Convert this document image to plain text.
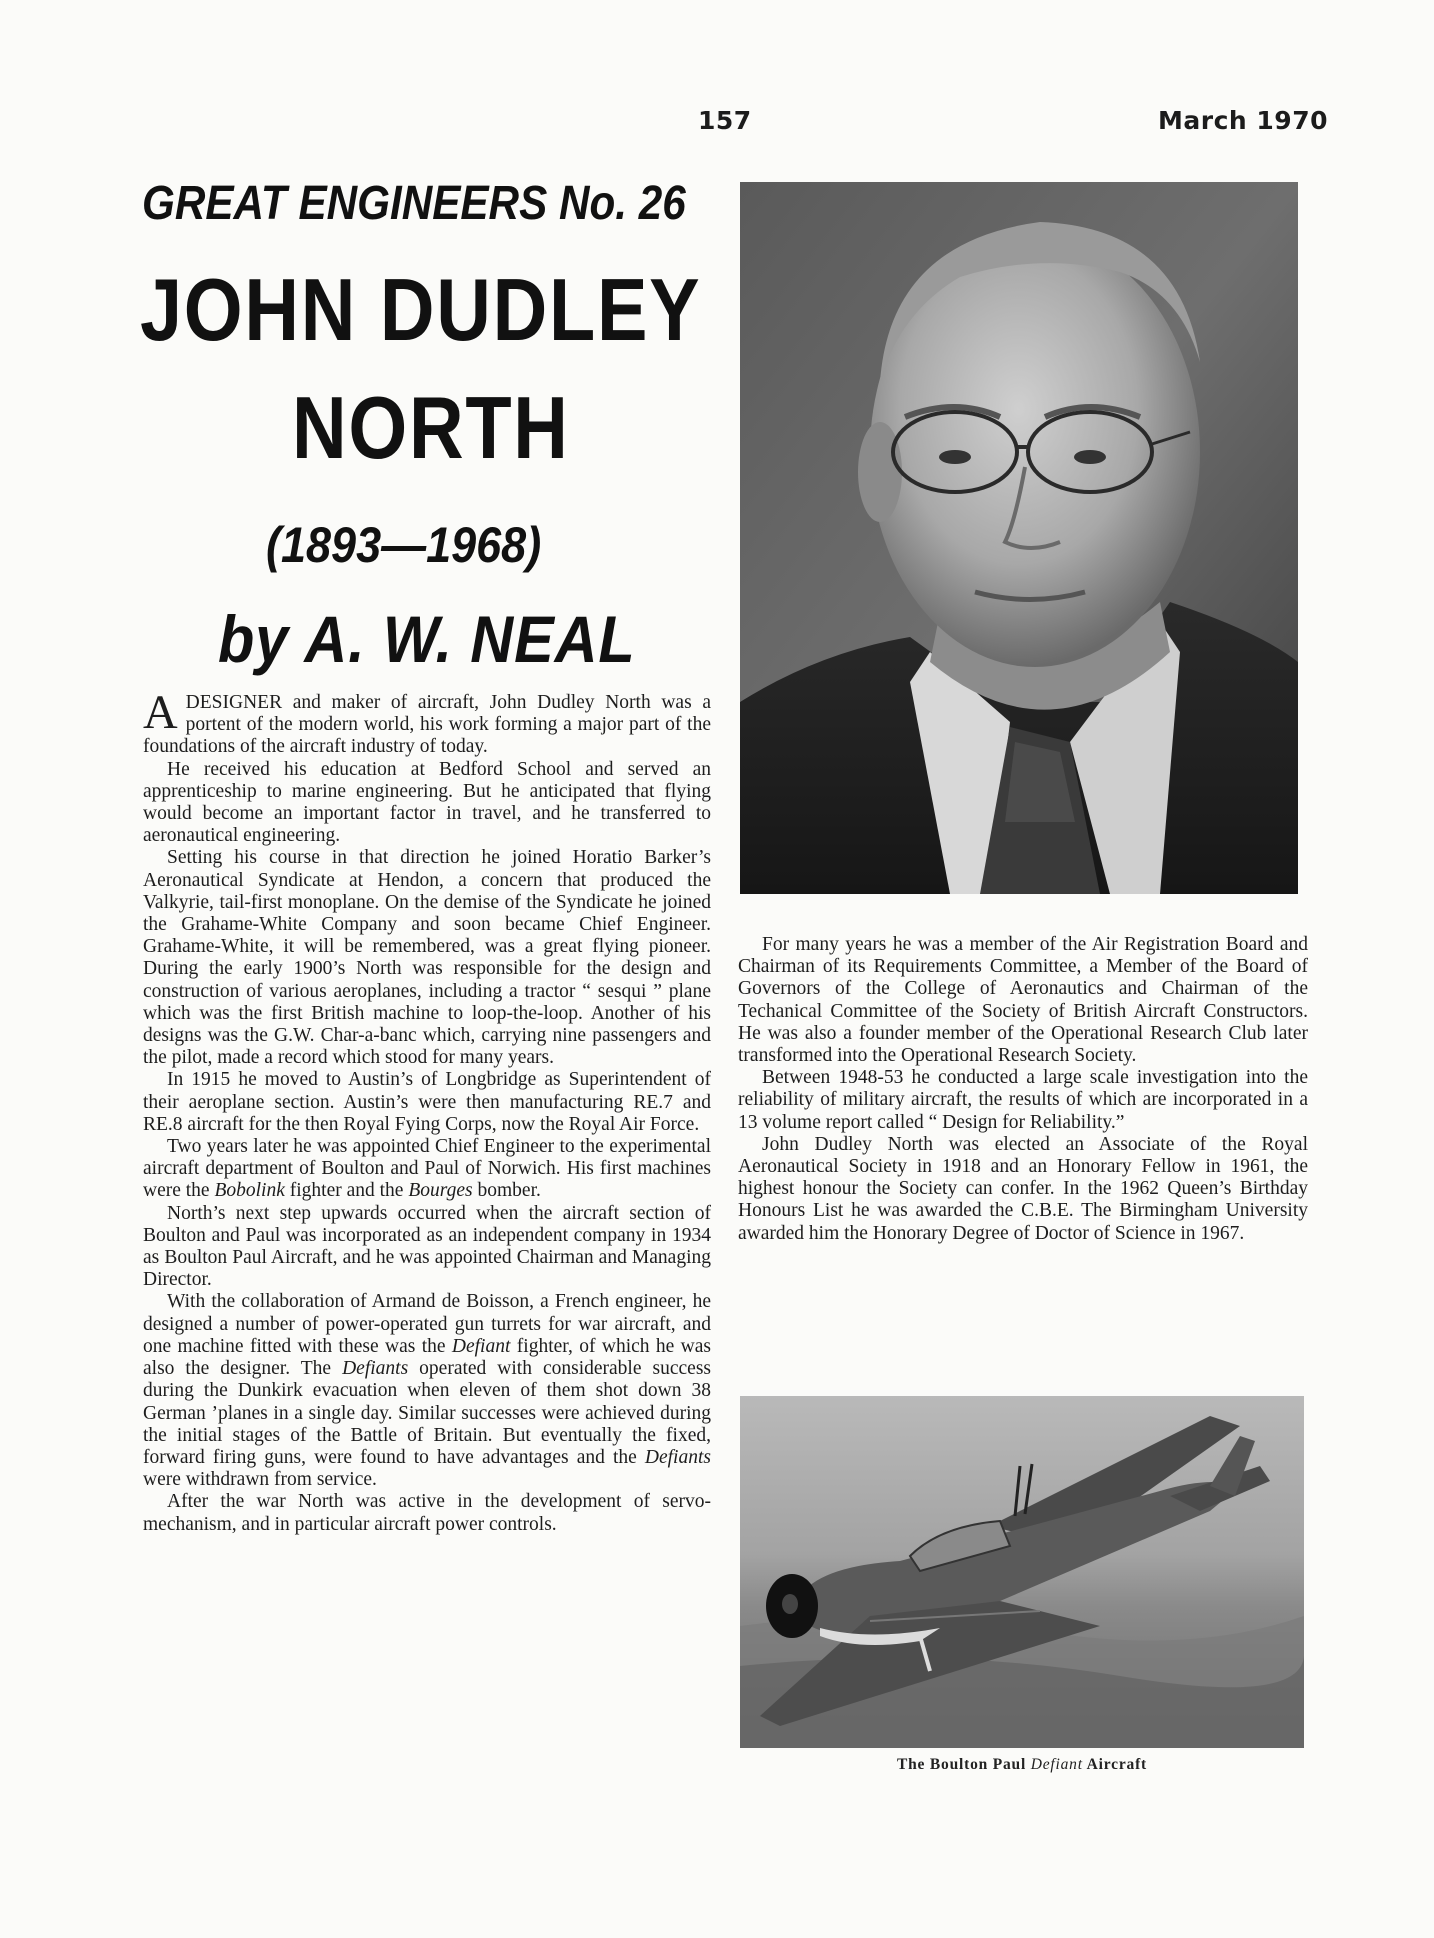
157	March 1970
GREAT ENGINEERS No. 26
JOHN DUDLEY
NORTH
(1893—1968)
by A. W. NEAL

ADESIGNER and maker of aircraft, John Dudley North was a portent of the modern world, his work forming a major part of the foundations of the aircraft industry of today.

He received his education at Bedford School and served an apprenticeship to marine engineering. But he anticipated that flying would become an important factor in travel, and he transferred to aeronautical engineering.

Setting his course in that direction he joined Horatio Barker’s Aeronautical Syndicate at Hendon, a concern that produced the Valkyrie, tail-first monoplane. On the demise of the Syndicate he joined the Grahame-White Company and soon became Chief Engineer. Grahame-White, it will be remembered, was a great flying pioneer. During the early 1900’s North was responsible for the design and construction of various aeroplanes, including a tractor “ sesqui ” plane which was the first British machine to loop-the-loop. Another of his designs was the G.W. Char-a-banc which, carrying nine passengers and the pilot, made a record which stood for many years.

In 1915 he moved to Austin’s of Longbridge as Superintendent of their aeroplane section. Austin’s were then manufacturing RE.7 and RE.8 aircraft for the then Royal Fying Corps, now the Royal Air Force.

Two years later he was appointed Chief Engineer to the experimental aircraft department of Boulton and Paul of Norwich. His first machines were the Bobolink fighter and the Bourges bomber.

North’s next step upwards occurred when the aircraft section of Boulton and Paul was incorporated as an independent company in 1934 as Boulton Paul Aircraft, and he was appointed Chairman and Managing Director.

With the collaboration of Armand de Boisson, a French engineer, he designed a number of power-operated gun turrets for war aircraft, and one machine fitted with these was the Defiant fighter, of which he was also the designer. The Defiants operated with considerable success during the Dunkirk evacuation when eleven of them shot down 38 German ’planes in a single day. Similar successes were achieved during the initial stages of the Battle of Britain. But eventually the fixed, forward firing guns, were found to have advantages and the Defiants were withdrawn from service.

After the war North was active in the development of servo-mechanism, and in particular aircraft power controls.

For many years he was a member of the Air Registration Board and Chairman of its Requirements Committee, a Member of the Board of Governors of the College of Aeronautics and Chairman of the Techanical Committee of the Society of British Aircraft Constructors. He was also a founder member of the Operational Research Club later transformed into the Operational Research Society.

Between 1948-53 he conducted a large scale investigation into the reliability of military aircraft, the results of which are incorporated in a 13 volume report called “ Design for Reliability.”

John Dudley North was elected an Associate of the Royal Aeronautical Society in 1918 and an Honorary Fellow in 1961, the highest honour the Society can confer. In the 1962 Queen’s Birthday Honours List he was awarded the C.B.E. The Birmingham University awarded him the Honorary Degree of Doctor of Science in 1967.

The Boulton Paul Defiant Aircraft
